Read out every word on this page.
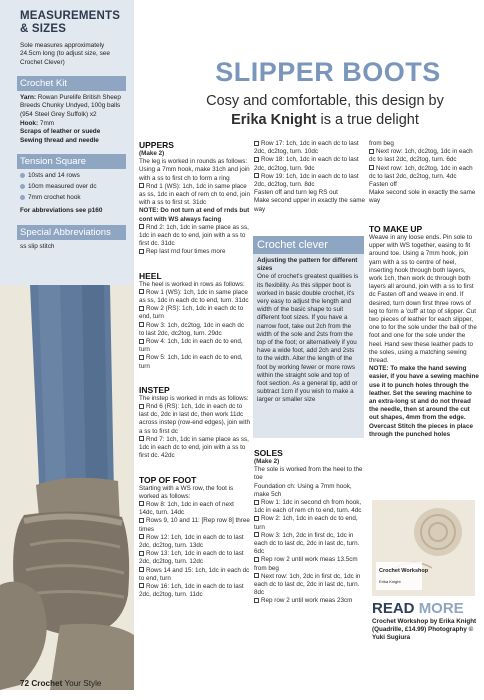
MEASUREMENTS & SIZES
Sole measures approximately 24.5cm long (to adjust size, see Crochet Clever)
Crochet Kit
Yarn: Rowan Purelife British Sheep Breeds Chunky Undyed, 100g balls (954 Steel Grey Suffolk) x2
Hook: 7mm
Scraps of leather or suede
Sewing thread and needle
Tension Square
10sts and 14 rows
10cm measured over dc
7mm crochet hook
For abbreviations see p160
Special Abbreviations
ss slip stitch
SLIPPER BOOTS
Cosy and comfortable, this design by
Erika Knight is a true delight
UPPERS

(Make 2)

The leg is worked in rounds as follows:

Using a 7mm hook, make 31ch and join with a ss to first ch to form a ring

Rnd 1 (WS): 1ch, 1dc in same place as ss, 1dc in each of rem ch to end, join with a ss to first st. 31dc

NOTE: Do not turn at end of rnds but cont with WS always facing

Rnd 2: 1ch, 1dc in same place as ss, 1dc in each dc to end, join with a ss to first dc. 31dc

Rep last rnd four times more

HEEL

The heel is worked in rows as follows:

Row 1 (WS): 1ch, 1dc in same place as ss, 1dc in each dc to end, turn. 31dc

Row 2 (RS): 1ch, 1dc in each dc to end, turn

Row 3: 1ch, dc2tog, 1dc in each dc to last 2dc, dc2tog, turn. 29dc

Row 4: 1ch, 1dc in each dc to end, turn

Row 5: 1ch, 1dc in each dc to end, turn

INSTEP

The instep is worked in rnds as follows:

Rnd 6 (RS): 1ch, 1dc in each dc to last dc, 2dc in last dc, then work 11dc across instep (row-end edges), join with a ss to first dc

Rnd 7: 1ch, 1dc in same place as ss, 1dc in each dc to end, join with a ss to first dc. 42dc

TOP OF FOOT

Starting with a WS row, the foot is worked as follows:

Row 8: 1ch, 1dc in each of next 14dc, turn. 14dc

Rows 9, 10 and 11: [Rep row 8] three times

Row 12: 1ch, 1dc in each dc to last 2dc, dc2tog, turn. 13dc

Row 13: 1ch, 1dc in each dc to last 2dc, dc2tog, turn. 12dc

Rows 14 and 15: 1ch, 1dc in each dc to end, turn

Row 16: 1ch, 1dc in each dc to last 2dc, dc2tog, turn. 11dc

Row 17: 1ch, 1dc in each dc to last 2dc, dc2tog, turn. 10dc

Row 18: 1ch, 1dc in each dc to last 2dc, dc2tog, turn. 9dc

Row 19: 1ch, 1dc in each dc to last 2dc, dc2tog, turn. 8dc

Fasten off and turn leg RS out

Make second upper in exactly the same way

Crochet clever

Adjusting the pattern for different sizes

One of crochet's greatest qualities is its flexibility. As this slipper boot is worked in basic double crochet, it's very easy to adjust the length and width of the basic shape to suit different foot sizes. If you have a narrow foot, take out 2ch from the width of the sole and 2sts from the top of the foot; or alternatively if you have a wide foot, add 2ch and 2sts to the width. Alter the length of the foot by working fewer or more rows within the straight sole and top of foot section. As a general tip, add or subtract 1cm if you wish to make a larger or smaller size

SOLES

(Make 2)

The sole is worked from the heel to the toe

Foundation ch: Using a 7mm hook, make 5ch

Row 1: 1dc in second ch from hook, 1dc in each of rem ch to end, turn. 4dc

Row 2: 1ch, 1dc in each dc to end, turn

Row 3: 1ch, 2dc in first dc, 1dc in each dc to last dc, 2dc in last dc, turn. 6dc

Rep row 2 until work meas 13.5cm from beg

Next row: 1ch, 2dc in first dc, 1dc in each dc to last dc, 2dc in last dc, turn. 8dc

Rep row 2 until work meas 23cm

from beg

Next row: 1ch, dc2tog, 1dc in each dc to last 2dc, dc2tog, turn. 6dc

Next row: 1ch, dc2tog, 1dc in each dc to last 2dc, dc2tog, turn. 4dc

Fasten off

Make second sole in exactly the same way

TO MAKE UP

Weave in any loose ends. Pin sole to upper with WS together, easing to fit around toe. Using a 7mm hook, join yarn with a ss to centre of heel, inserting hook through both layers, work 1ch, then work dc through both layers all around, join with a ss to first dc Fasten off and weave in end. If desired, turn down first three rows of leg to form a 'cuff' at top of slipper. Cut two pieces of leather for each slipper, one to for the sole under the ball of the foot and one for the sole under the heel. Hand sew these leather pads to the soles, using a matching sewing thread.

NOTE: To make the hand sewing easier, if you have a sewing machine use it to punch holes through the leather. Set the sewing machine to an extra-long st and do not thread the needle, then st around the cut out shapes, 4mm from the edge. Overcast Stitch the pieces in place through the punched holes

Crochet Workshop
Erika Knight
READ MORE
Crochet Workshop by Erika Knight (Quadrille, £14.99) Photography © Yuki Sugiura
72 Crochet Your Style
